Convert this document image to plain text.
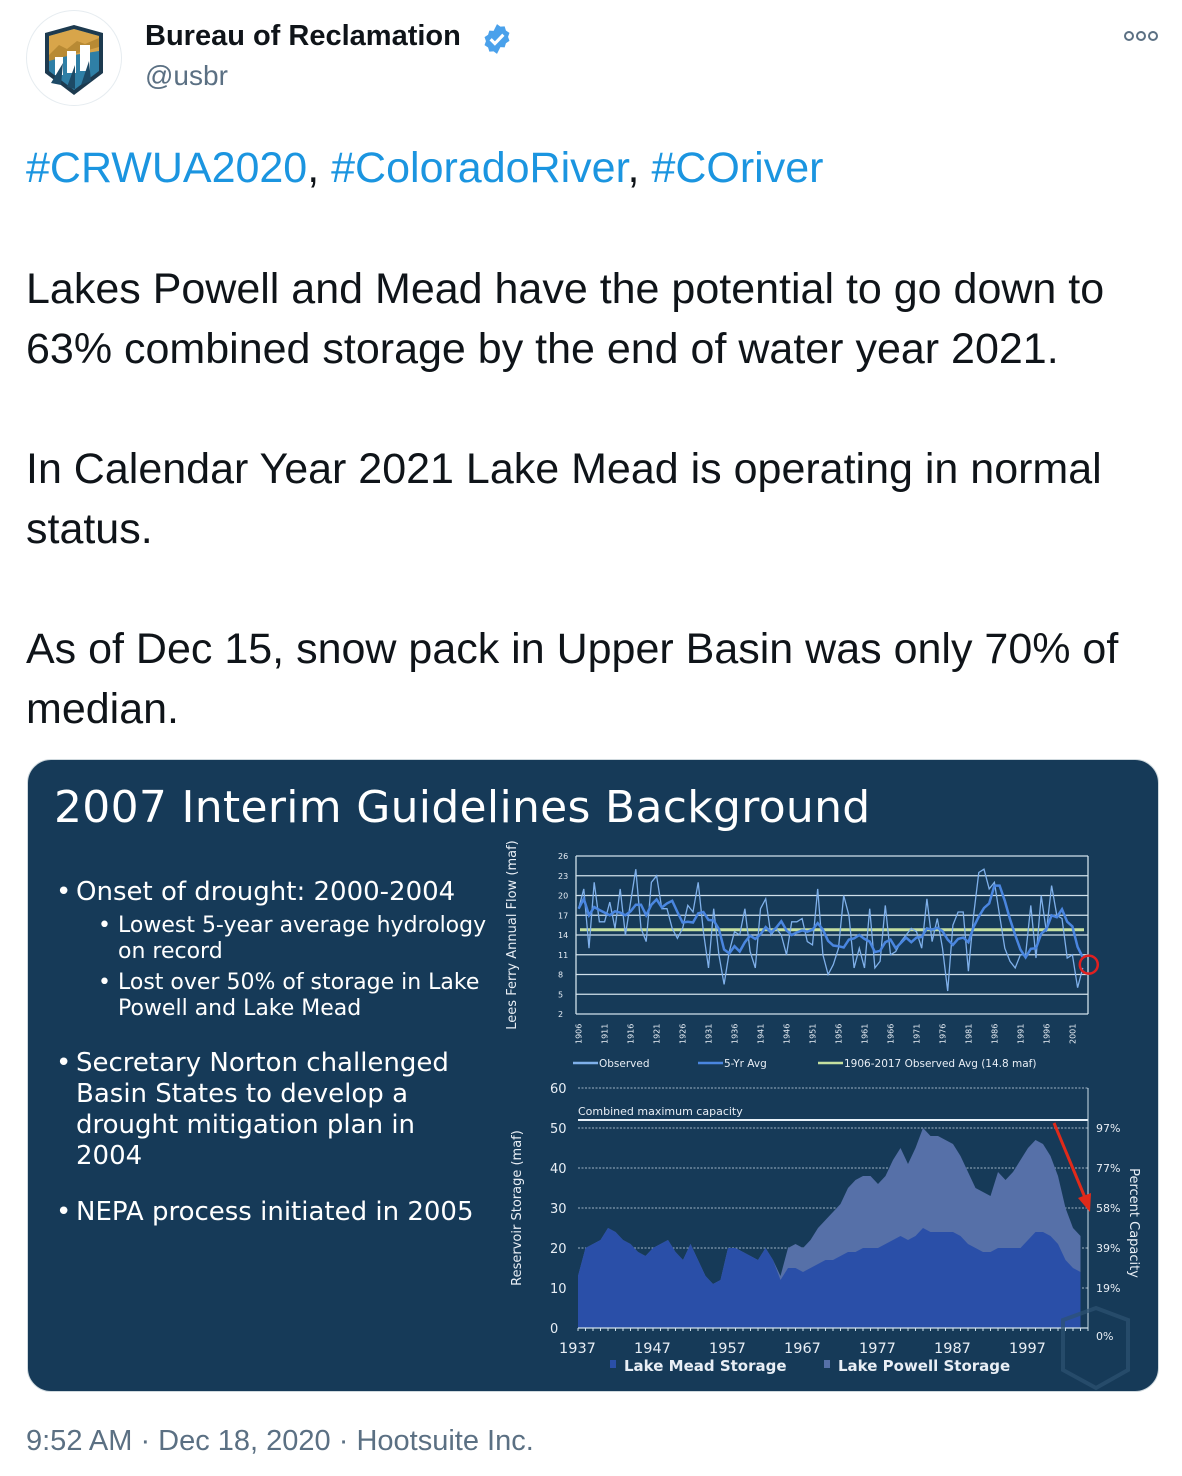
Bureau of Reclamation
@usbr
#CRWUA2020, #ColoradoRiver, #COriver
Lakes Powell and Mead have the potential to go down to
63% combined storage by the end of water year 2021.
In Calendar Year 2021 Lake Mead is operating in normal
status.
As of Dec 15, snow pack in Upper Basin was only 70% of
median.
2007 Interim Guidelines Background
• Onset of drought: 2000-2004
• Lowest 5-year average hydrology
on record
• Lost over 50% of storage in Lake
Powell and Lake Mead
• Secretary Norton challenged
Basin States to develop a
drought mitigation plan in
2004
• NEPA process initiated in 2005
2
5
8
11
14
17
20
23
26
1906 1911 1916 1921 1926 1931 1936 1941 1946 1951 1956 1961 1966 1971 1976 1981 1986 1991 1996 2001
Lees Ferry Annual Flow (maf)
Observed	5-Yr Avg	1906-2017 Observed Avg (14.8 maf)
0
10
20
30
40
50
60
Combined maximum capacity
1937	1947	1957	1967	1977	1987	1997
97%
77%
58%
39%
19%
0%
Reservoir Storage (maf)	Percent Capacity
Lake Mead Storage	Lake Powell Storage
9:52 AM · Dec 18, 2020 · Hootsuite Inc.
